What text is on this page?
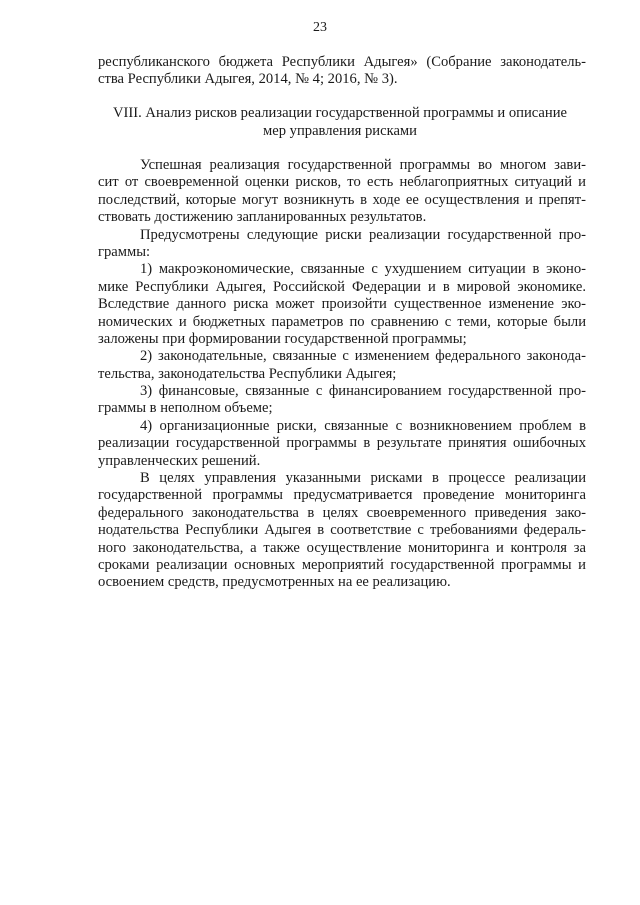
23
республиканского бюджета Республики Адыгея» (Собрание законодатель-
ства Республики Адыгея, 2014, № 4; 2016, № 3).
VIII. Анализ рисков реализации государственной программы и описание
мер управления рисками
Успешная реализация государственной программы во многом зави-
сит от своевременной оценки рисков, то есть неблагоприятных ситуаций и
последствий, которые могут возникнуть в ходе ее осуществления и препят-
ствовать достижению запланированных результатов.
Предусмотрены следующие риски реализации государственной про-
граммы:
1) макроэкономические, связанные с ухудшением ситуации в эконо-
мике Республики Адыгея, Российской Федерации и в мировой экономике.
Вследствие данного риска может произойти существенное изменение эко-
номических и бюджетных параметров по сравнению с теми, которые были
заложены при формировании государственной программы;
2) законодательные, связанные с изменением федерального законода-
тельства, законодательства Республики Адыгея;
3) финансовые, связанные с финансированием государственной про-
граммы в неполном объеме;
4) организационные риски, связанные с возникновением проблем в
реализации государственной программы в результате принятия ошибочных
управленческих решений.
В целях управления указанными рисками в процессе реализации
государственной программы предусматривается проведение мониторинга
федерального законодательства в целях своевременного приведения зако-
нодательства Республики Адыгея в соответствие с требованиями федераль-
ного законодательства, а также осуществление мониторинга и контроля за
сроками реализации основных мероприятий государственной программы и
освоением средств, предусмотренных на ее реализацию.
